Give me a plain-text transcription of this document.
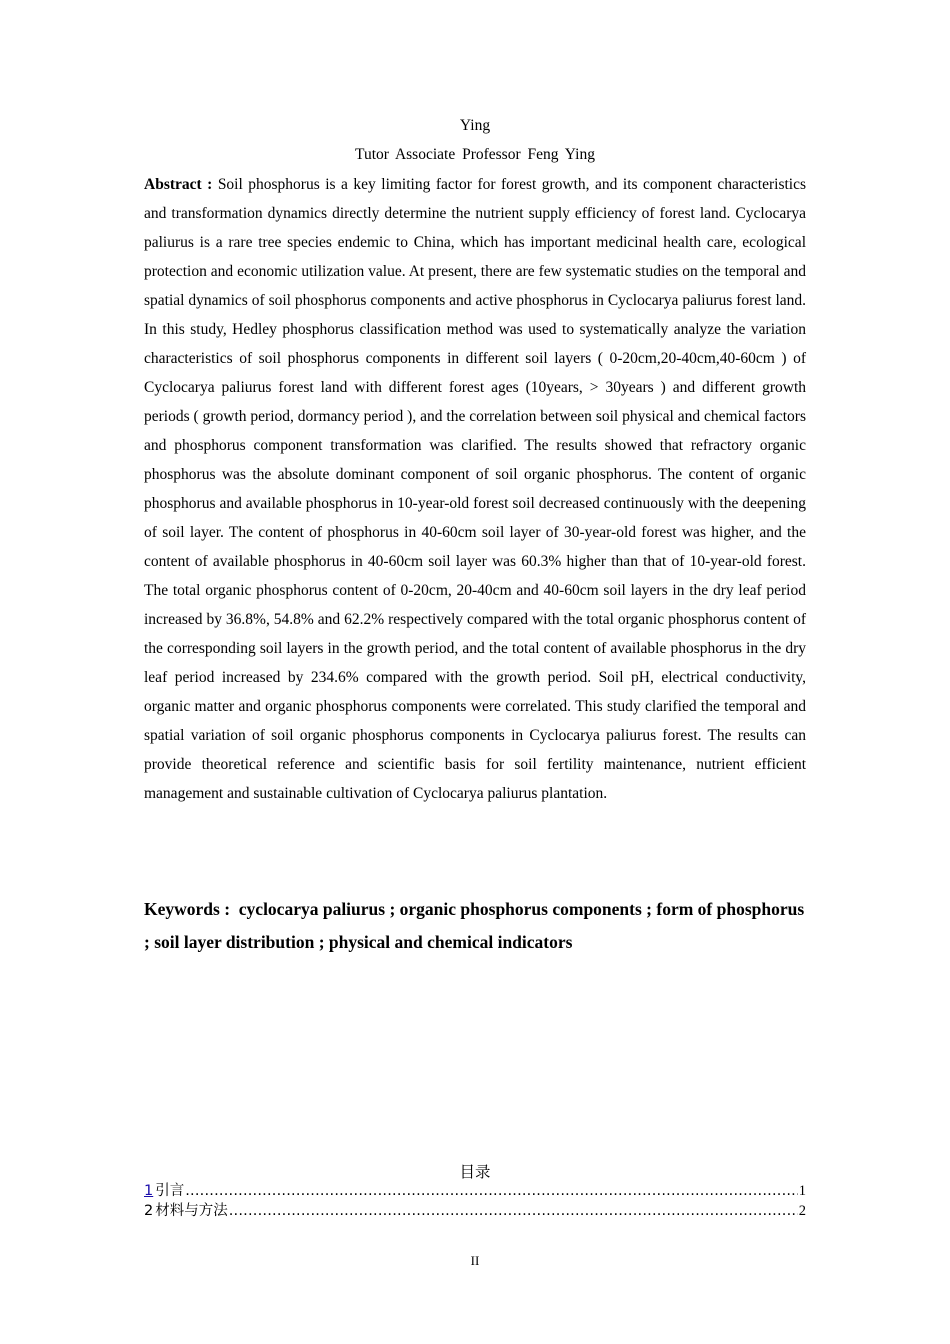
Ying
Tutor Associate Professor Feng Ying

Abstract : Soil phosphorus is a key limiting factor for forest growth, and its component characteristics and transformation dynamics directly determine the nutrient supply efficiency of forest land. Cyclocarya paliurus is a rare tree species endemic to China, which has important medicinal health care, ecological protection and economic utilization value. At present, there are few systematic studies on the temporal and spatial dynamics of soil phosphorus components and active phosphorus in Cyclocarya paliurus forest land. In this study, Hedley phosphorus classification method was used to systematically analyze the variation characteristics of soil phosphorus components in different soil layers ( 0-20cm,20-40cm,40-60cm ) of Cyclocarya paliurus forest land with different forest ages (10years, > 30years ) and different growth periods ( growth period, dormancy period ), and the correlation between soil physical and chemical factors and phosphorus component transformation was clarified. The results showed that refractory organic phosphorus was the absolute dominant component of soil organic phosphorus. The content of organic phosphorus and available phosphorus in 10-year-old forest soil decreased continuously with the deepening of soil layer. The content of phosphorus in 40-60cm soil layer of 30-year-old forest was higher, and the content of available phosphorus in 40-60cm soil layer was 60.3% higher than that of 10-year-old forest. The total organic phosphorus content of 0-20cm, 20-40cm and 40-60cm soil layers in the dry leaf period increased by 36.8%, 54.8% and 62.2% respectively compared with the total organic phosphorus content of the corresponding soil layers in the growth period, and the total content of available phosphorus in the dry leaf period increased by 234.6% compared with the growth period. Soil pH, electrical conductivity, organic matter and organic phosphorus components were correlated. This study clarified the temporal and spatial variation of soil organic phosphorus components in Cyclocarya paliurus forest. The results can provide theoretical reference and scientific basis for soil fertility maintenance, nutrient efficient management and sustainable cultivation of Cyclocarya paliurus plantation.

Keywords : cyclocarya paliurus ; organic phosphorus components ; form of phosphorus ; soil layer distribution ; physical and chemical indicators

目录
1 引言 .....	1
2 材料与方法 .....	2
II
